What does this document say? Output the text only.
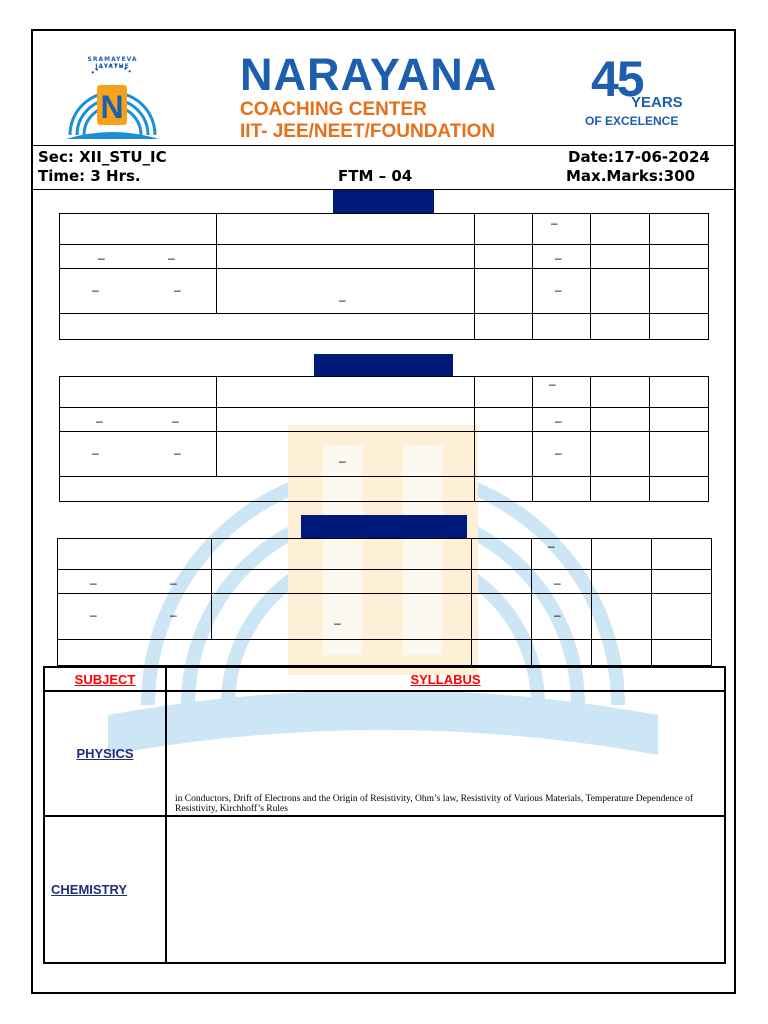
N
SRAMAYEVA JAYATHE	NARAYANA
COACHING CENTER
IIT- JEE/NEET/FOUNDATION
45
YEARS
OF EXCELENCE
Sec: XII_STU_IC	Date:17-06-2024
Time: 3 Hrs.	FTM – 04	Max.Marks:300

			–		

– –			–		

– –	–		–		

			–		

– –			–		

– –	–		–		

			–		

– –			–		

– –	–		–		

SUBJECT	SYLLABUS
PHYSICS	in Conductors, Drift of Electrons and the Origin of Resistivity, Ohm’s law, Resistivity of Various Materials, Temperature Dependence of Resistivity, Kirchhoff’s Rules

CHEMISTRY	
